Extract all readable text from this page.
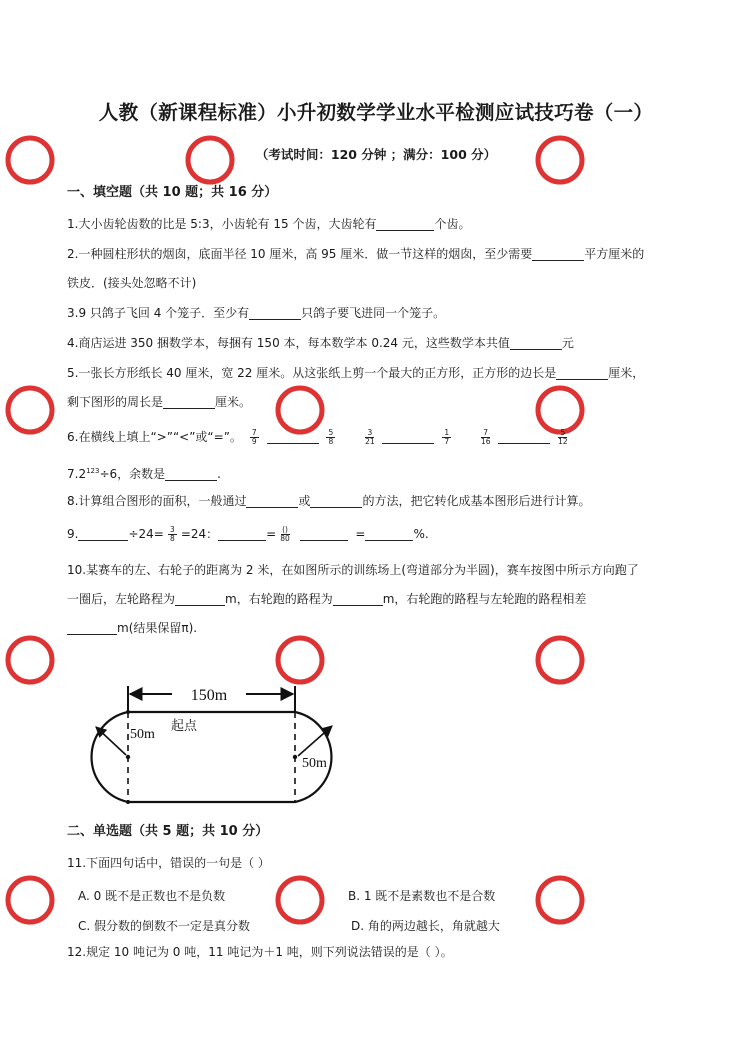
人教（新课程标准）小升初数学学业水平检测应试技巧卷（一）
（考试时间：120 分钟 ；满分：100 分）
一、填空题（共 10 题；共 16 分）
1.大小齿轮齿数的比是 5:3，小齿轮有 15 个齿，大齿轮有	个齿。
2.一种圆柱形状的烟囱，底面半径 10 厘米，高 95 厘米．做一节这样的烟囱，至少需要	平方厘米的
铁皮．(接头处忽略不计)
3.9 只鸽子飞回 4 个笼子．至少有	只鸽子要飞进同一个笼子。
4.商店运进 350 捆数学本，每捆有 150 本，每本数学本 0.24 元，这些数学本共值	元
5.一张长方形纸长 40 厘米，宽 22 厘米。从这张纸上剪一个最大的正方形，正方形的边长是	厘米，
剩下图形的周长是	厘米。
6.在横线上填上“>”“<”或“=”。 $\frac{7}{9}$
	$\frac{5}{8}$
	$\frac{3}{21}$
	$\frac{1}{7}$
	$\frac{7}{16}$
	$\frac{5}{12}$
$7.2^{123}\div 6$，余数是	.
8.计算组合图形的面积，一般通过	或	的方法，把它转化成基本图形后进行计算。
9.	$\div 24= \frac{3}{8} =24$：	= $\frac{()}{80}$	=	%.
10.某赛车的左、右轮子的距离为 2 米，在如图所示的训练场上(弯道部分为半圆)，赛车按图中所示方向跑了
一圈后，左轮路程为	m，右轮跑的路程为	m，右轮跑的路程与左轮跑的路程相差
m(结果保留π).
150m
起点
50m
50m
二、单选题（共 5 题；共 10 分）
11.下面四句话中，错误的一句是（ ）
A. 0 既不是正数也不是负数	B. 1 既不是素数也不是合数
C. 假分数的倒数不一定是真分数	D. 角的两边越长，角就越大
12.规定 10 吨记为 0 吨，11 吨记为＋1 吨，则下列说法错误的是（ ）。
